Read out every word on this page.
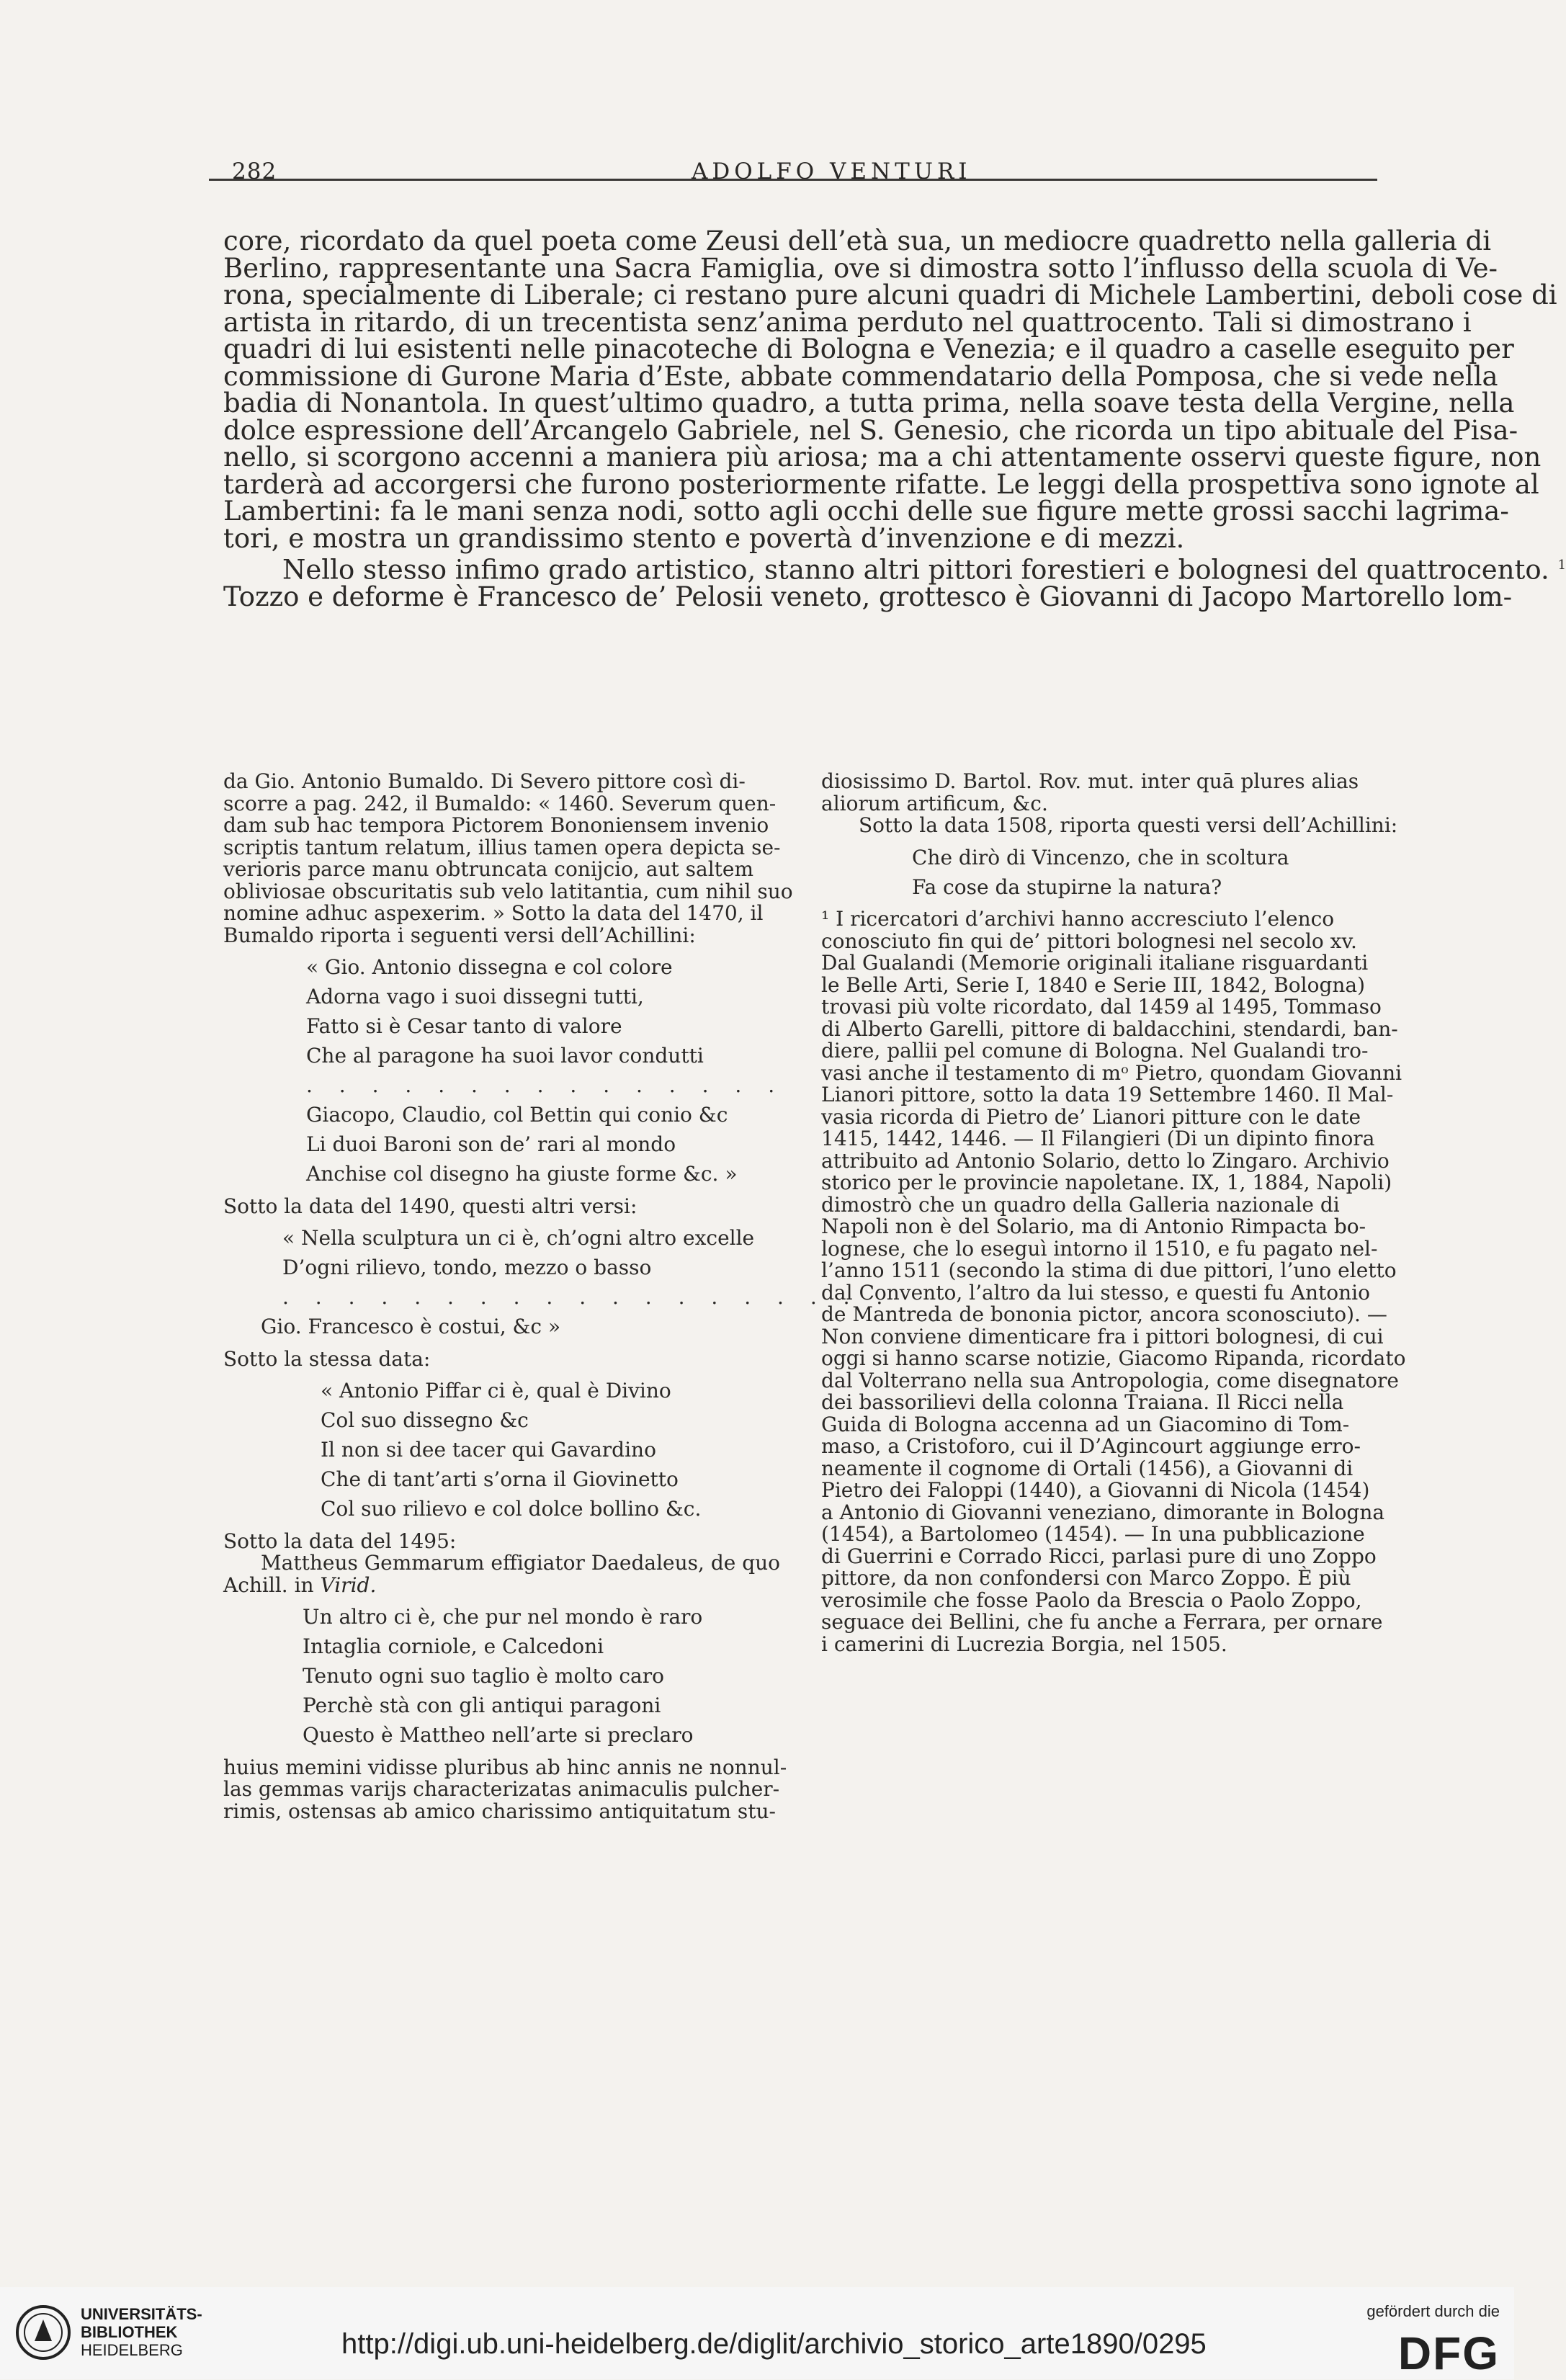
282	ADOLFO VENTURI

core, ricordato da quel poeta come Zeusi dell’età sua, un mediocre quadretto nella galleria di
Berlino, rappresentante una Sacra Famiglia, ove si dimostra sotto l’influsso della scuola di Ve-
rona, specialmente di Liberale; ci restano pure alcuni quadri di Michele Lambertini, deboli cose di
artista in ritardo, di un trecentista senz’anima perduto nel quattrocento. Tali si dimostrano i
quadri di lui esistenti nelle pinacoteche di Bologna e Venezia; e il quadro a caselle eseguito per
commissione di Gurone Maria d’Este, abbate commendatario della Pomposa, che si vede nella
badia di Nonantola. In quest’ultimo quadro, a tutta prima, nella soave testa della Vergine, nella
dolce espressione dell’Arcangelo Gabriele, nel S. Genesio, che ricorda un tipo abituale del Pisa-
nello, si scorgono accenni a maniera più ariosa; ma a chi attentamente osservi queste figure, non
tarderà ad accorgersi che furono posteriormente rifatte. Le leggi della prospettiva sono ignote al
Lambertini: fa le mani senza nodi, sotto agli occhi delle sue figure mette grossi sacchi lagrima-
tori, e mostra un grandissimo stento e povertà d’invenzione e di mezzi.

Nello stesso infimo grado artistico, stanno altri pittori forestieri e bolognesi del quattrocento. $^1$

Tozzo e deforme è Francesco de’ Pelosii veneto, grottesco è Giovanni di Jacopo Martorello lom-

da Gio. Antonio Bumaldo. Di Severo pittore così di-
scorre a pag. 242, il Bumaldo: « 1460. Severum quen-
dam sub hac tempora Pictorem Bononiensem invenio
scriptis tantum relatum, illius tamen opera depicta se-
verioris parce manu obtruncata conijcio, aut saltem
obliviosae obscuritatis sub velo latitantia, cum nihil suo
nomine adhuc aspexerim. » Sotto la data del 1470, il
Bumaldo riporta i seguenti versi dell’Achillini:

« Gio. Antonio dissegna e col colore
Adorna vago i suoi dissegni tutti,
Fatto si è Cesar tanto di valore
Che al paragone ha suoi lavor condutti
. . . . . . . . . . . . . . .
Giacopo, Claudio, col Bettin qui conio &c
Li duoi Baroni son de’ rari al mondo
Anchise col disegno ha giuste forme &c. »

Sotto la data del 1490, questi altri versi:

« Nella sculptura un ci è, ch’ogni altro excelle
D’ogni rilievo, tondo, mezzo o basso
. . . . . . . . . . . . . . . . . . .
Gio. Francesco è costui, &c »

Sotto la stessa data:

« Antonio Piffar ci è, qual è Divino
Col suo dissegno &c
Il non si dee tacer qui Gavardino
Che di tant’arti s’orna il Giovinetto
Col suo rilievo e col dolce bollino &c.

Sotto la data del 1495:

Mattheus Gemmarum effigiator Daedaleus, de quo
Achill. in Virid.

Un altro ci è, che pur nel mondo è raro
Intaglia corniole, e Calcedoni
Tenuto ogni suo taglio è molto caro
Perchè stà con gli antiqui paragoni
Questo è Mattheo nell’arte si preclaro

huius memini vidisse pluribus ab hinc annis ne nonnul-
las gemmas varijs characterizatas animaculis pulcher-
rimis, ostensas ab amico charissimo antiquitatum stu-

diosissimo D. Bartol. Rov. mut. inter quā plures alias
aliorum artificum, &c.
Sotto la data 1508, riporta questi versi dell’Achillini:

Che dirò di Vincenzo, che in scoltura
Fa cose da stupirne la natura?

¹ I ricercatori d’archivi hanno accresciuto l’elenco
conosciuto fin qui de’ pittori bolognesi nel secolo xv.
Dal Gualandi (Memorie originali italiane risguardanti
le Belle Arti, Serie I, 1840 e Serie III, 1842, Bologna)
trovasi più volte ricordato, dal 1459 al 1495, Tommaso
di Alberto Garelli, pittore di baldacchini, stendardi, ban-
diere, pallii pel comune di Bologna. Nel Gualandi tro-
vasi anche il testamento di mᵒ Pietro, quondam Giovanni
Lianori pittore, sotto la data 19 Settembre 1460. Il Mal-
vasia ricorda di Pietro de’ Lianori pitture con le date
1415, 1442, 1446. — Il Filangieri (Di un dipinto finora
attribuito ad Antonio Solario, detto lo Zingaro. Archivio
storico per le provincie napoletane. IX, 1, 1884, Napoli)
dimostrò che un quadro della Galleria nazionale di
Napoli non è del Solario, ma di Antonio Rimpacta bo-
lognese, che lo eseguì intorno il 1510, e fu pagato nel-
l’anno 1511 (secondo la stima di due pittori, l’uno eletto
dal Convento, l’altro da lui stesso, e questi fu Antonio
de Mantreda de bononia pictor, ancora sconosciuto). —
Non conviene dimenticare fra i pittori bolognesi, di cui
oggi si hanno scarse notizie, Giacomo Ripanda, ricordato
dal Volterrano nella sua Antropologia, come disegnatore
dei bassorilievi della colonna Traiana. Il Ricci nella
Guida di Bologna accenna ad un Giacomino di Tom-
maso, a Cristoforo, cui il D’Agincourt aggiunge erro-
neamente il cognome di Ortali (1456), a Giovanni di
Pietro dei Faloppi (1440), a Giovanni di Nicola (1454)
a Antonio di Giovanni veneziano, dimorante in Bologna
(1454), a Bartolomeo (1454). — In una pubblicazione
di Guerrini e Corrado Ricci, parlasi pure di uno Zoppo
pittore, da non confondersi con Marco Zoppo. È più
verosimile che fosse Paolo da Brescia o Paolo Zoppo,
seguace dei Bellini, che fu anche a Ferrara, per ornare
i camerini di Lucrezia Borgia, nel 1505.

UNIVERSITÄTS-
BIBLIOTHEK
HEIDELBERG	http://digi.ub.uni-heidelberg.de/diglit/archivio_storico_arte1890/0295
gefördert durch die
DFG
